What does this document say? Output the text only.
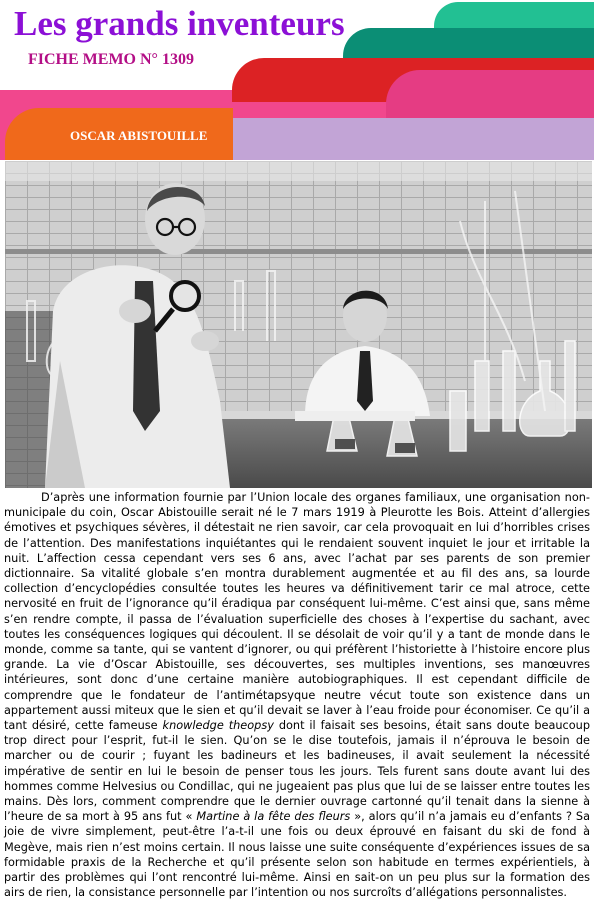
Les grands inventeurs
FICHE MEMO N° 1309
OSCAR ABISTOUILLE

D’après une information fournie par l’Union locale des organes familiaux, une organisation non-municipale du coin, Oscar Abistouille serait né le 7 mars 1919 à Pleurotte les Bois. Atteint d’allergies émotives et psychiques sévères, il détestait ne rien savoir, car cela provoquait en lui d’horribles crises de l’attention. Des manifestations inquiétantes qui le rendaient souvent inquiet le jour et irritable la nuit. L’affection cessa cependant vers ses 6 ans, avec l’achat par ses parents de son premier dictionnaire. Sa vitalité globale s’en montra durablement augmentée et au fil des ans, sa lourde collection d’encyclopédies consultée toutes les heures va définitivement tarir ce mal atroce, cette nervosité en fruit de l’ignorance qu’il éradiqua par conséquent lui-même. C’est ainsi que, sans même s’en rendre compte, il passa de l’évaluation superficielle des choses à l’expertise du sachant, avec toutes les conséquences logiques qui découlent. Il se désolait de voir qu’il y a tant de monde dans le monde, comme sa tante, qui se vantent d’ignorer, ou qui préfèrent l’historiette à l’histoire encore plus grande. La vie d’Oscar Abistouille, ses découvertes, ses multiples inventions, ses manœuvres intérieures, sont donc d’une certaine manière autobiographiques. Il est cependant difficile de comprendre que le fondateur de l’antimétapsyque neutre vécut toute son existence dans un appartement aussi miteux que le sien et qu’il devait se laver à l’eau froide pour économiser. Ce qu’il a tant désiré, cette fameuse knowledge theopsy dont il faisait ses besoins, était sans doute beaucoup trop direct pour l’esprit, fut-il le sien. Qu’on se le dise toutefois, jamais il n’éprouva le besoin de marcher ou de courir ; fuyant les badineurs et les badineuses, il avait seulement la nécessité impérative de sentir en lui le besoin de penser tous les jours. Tels furent sans doute avant lui des hommes comme Helvesius ou Condillac, qui ne jugeaient pas plus que lui de se laisser entre toutes les mains. Dès lors, comment comprendre que le dernier ouvrage cartonné qu’il tenait dans la sienne à l’heure de sa mort à 95 ans fut « Martine à la fête des fleurs », alors qu’il n’a jamais eu d’enfants ? Sa joie de vivre simplement, peut-être l’a-t-il une fois ou deux éprouvé en faisant du ski de fond à Megève, mais rien n’est moins certain. Il nous laisse une suite conséquente d’expériences issues de sa formidable praxis de la Recherche et qu’il présente selon son habitude en termes expérientiels, à partir des problèmes qui l’ont rencontré lui-même. Ainsi en sait-on un peu plus sur la formation des airs de rien, la consistance personnelle par l’intention ou nos surcroîts d’allégations personnalistes.
